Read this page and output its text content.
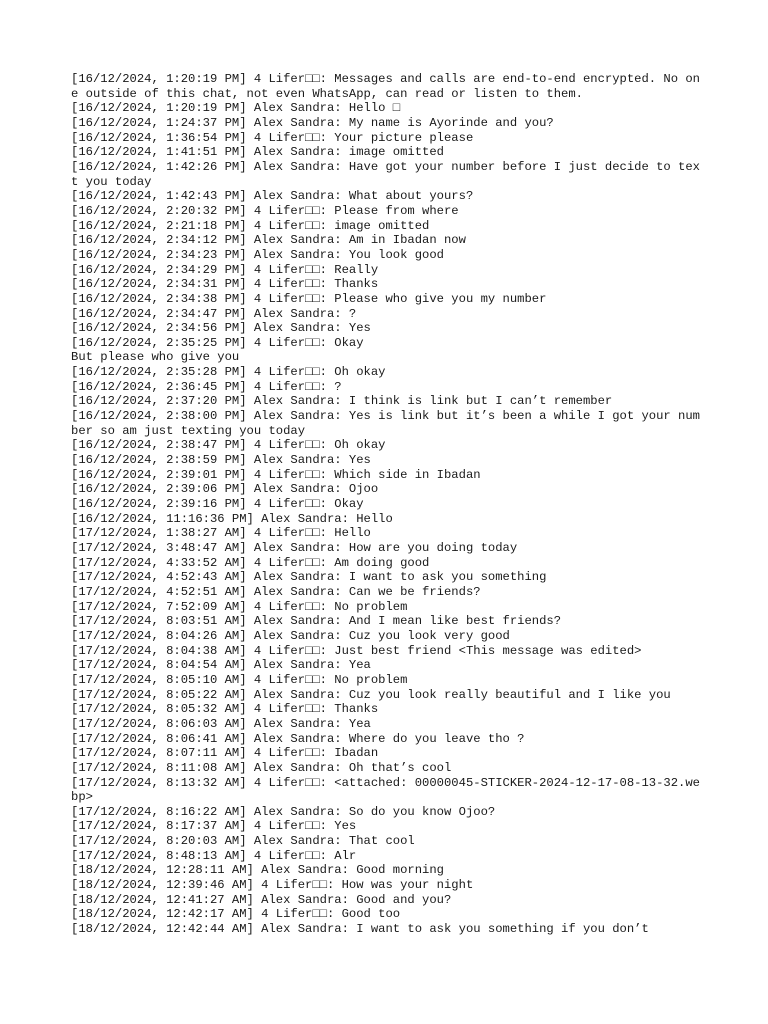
[16/12/2024, 1:20:19 PM] 4 Lifer□□: Messages and calls are end-to-end encrypted. No one outside of this chat, not even WhatsApp, can read or listen to them.
[16/12/2024, 1:20:19 PM] Alex Sandra: Hello □
[16/12/2024, 1:24:37 PM] Alex Sandra: My name is Ayorinde and you?
[16/12/2024, 1:36:54 PM] 4 Lifer□□: Your picture please
[16/12/2024, 1:41:51 PM] Alex Sandra: image omitted
[16/12/2024, 1:42:26 PM] Alex Sandra: Have got your number before I just decide to text you today
[16/12/2024, 1:42:43 PM] Alex Sandra: What about yours?
[16/12/2024, 2:20:32 PM] 4 Lifer□□: Please from where
[16/12/2024, 2:21:18 PM] 4 Lifer□□: image omitted
[16/12/2024, 2:34:12 PM] Alex Sandra: Am in Ibadan now
[16/12/2024, 2:34:23 PM] Alex Sandra: You look good
[16/12/2024, 2:34:29 PM] 4 Lifer□□: Really
[16/12/2024, 2:34:31 PM] 4 Lifer□□: Thanks
[16/12/2024, 2:34:38 PM] 4 Lifer□□: Please who give you my number
[16/12/2024, 2:34:47 PM] Alex Sandra: ?
[16/12/2024, 2:34:56 PM] Alex Sandra: Yes
[16/12/2024, 2:35:25 PM] 4 Lifer□□: Okay
But please who give you
[16/12/2024, 2:35:28 PM] 4 Lifer□□: Oh okay
[16/12/2024, 2:36:45 PM] 4 Lifer□□: ?
[16/12/2024, 2:37:20 PM] Alex Sandra: I think is link but I can’t remember
[16/12/2024, 2:38:00 PM] Alex Sandra: Yes is link but it’s been a while I got your number so am just texting you today
[16/12/2024, 2:38:47 PM] 4 Lifer□□: Oh okay
[16/12/2024, 2:38:59 PM] Alex Sandra: Yes
[16/12/2024, 2:39:01 PM] 4 Lifer□□: Which side in Ibadan
[16/12/2024, 2:39:06 PM] Alex Sandra: Ojoo
[16/12/2024, 2:39:16 PM] 4 Lifer□□: Okay
[16/12/2024, 11:16:36 PM] Alex Sandra: Hello
[17/12/2024, 1:38:27 AM] 4 Lifer□□: Hello
[17/12/2024, 3:48:47 AM] Alex Sandra: How are you doing today
[17/12/2024, 4:33:52 AM] 4 Lifer□□: Am doing good
[17/12/2024, 4:52:43 AM] Alex Sandra: I want to ask you something
[17/12/2024, 4:52:51 AM] Alex Sandra: Can we be friends?
[17/12/2024, 7:52:09 AM] 4 Lifer□□: No problem
[17/12/2024, 8:03:51 AM] Alex Sandra: And I mean like best friends?
[17/12/2024, 8:04:26 AM] Alex Sandra: Cuz you look very good
[17/12/2024, 8:04:38 AM] 4 Lifer□□: Just best friend <This message was edited>
[17/12/2024, 8:04:54 AM] Alex Sandra: Yea
[17/12/2024, 8:05:10 AM] 4 Lifer□□: No problem
[17/12/2024, 8:05:22 AM] Alex Sandra: Cuz you look really beautiful and I like you
[17/12/2024, 8:05:32 AM] 4 Lifer□□: Thanks
[17/12/2024, 8:06:03 AM] Alex Sandra: Yea
[17/12/2024, 8:06:41 AM] Alex Sandra: Where do you leave tho ?
[17/12/2024, 8:07:11 AM] 4 Lifer□□: Ibadan
[17/12/2024, 8:11:08 AM] Alex Sandra: Oh that’s cool
[17/12/2024, 8:13:32 AM] 4 Lifer□□: <attached: 00000045-STICKER-2024-12-17-08-13-32.webp>
[17/12/2024, 8:16:22 AM] Alex Sandra: So do you know Ojoo?
[17/12/2024, 8:17:37 AM] 4 Lifer□□: Yes
[17/12/2024, 8:20:03 AM] Alex Sandra: That cool
[17/12/2024, 8:48:13 AM] 4 Lifer□□: Alr
[18/12/2024, 12:28:11 AM] Alex Sandra: Good morning
[18/12/2024, 12:39:46 AM] 4 Lifer□□: How was your night
[18/12/2024, 12:41:27 AM] Alex Sandra: Good and you?
[18/12/2024, 12:42:17 AM] 4 Lifer□□: Good too
[18/12/2024, 12:42:44 AM] Alex Sandra: I want to ask you something if you don’t
